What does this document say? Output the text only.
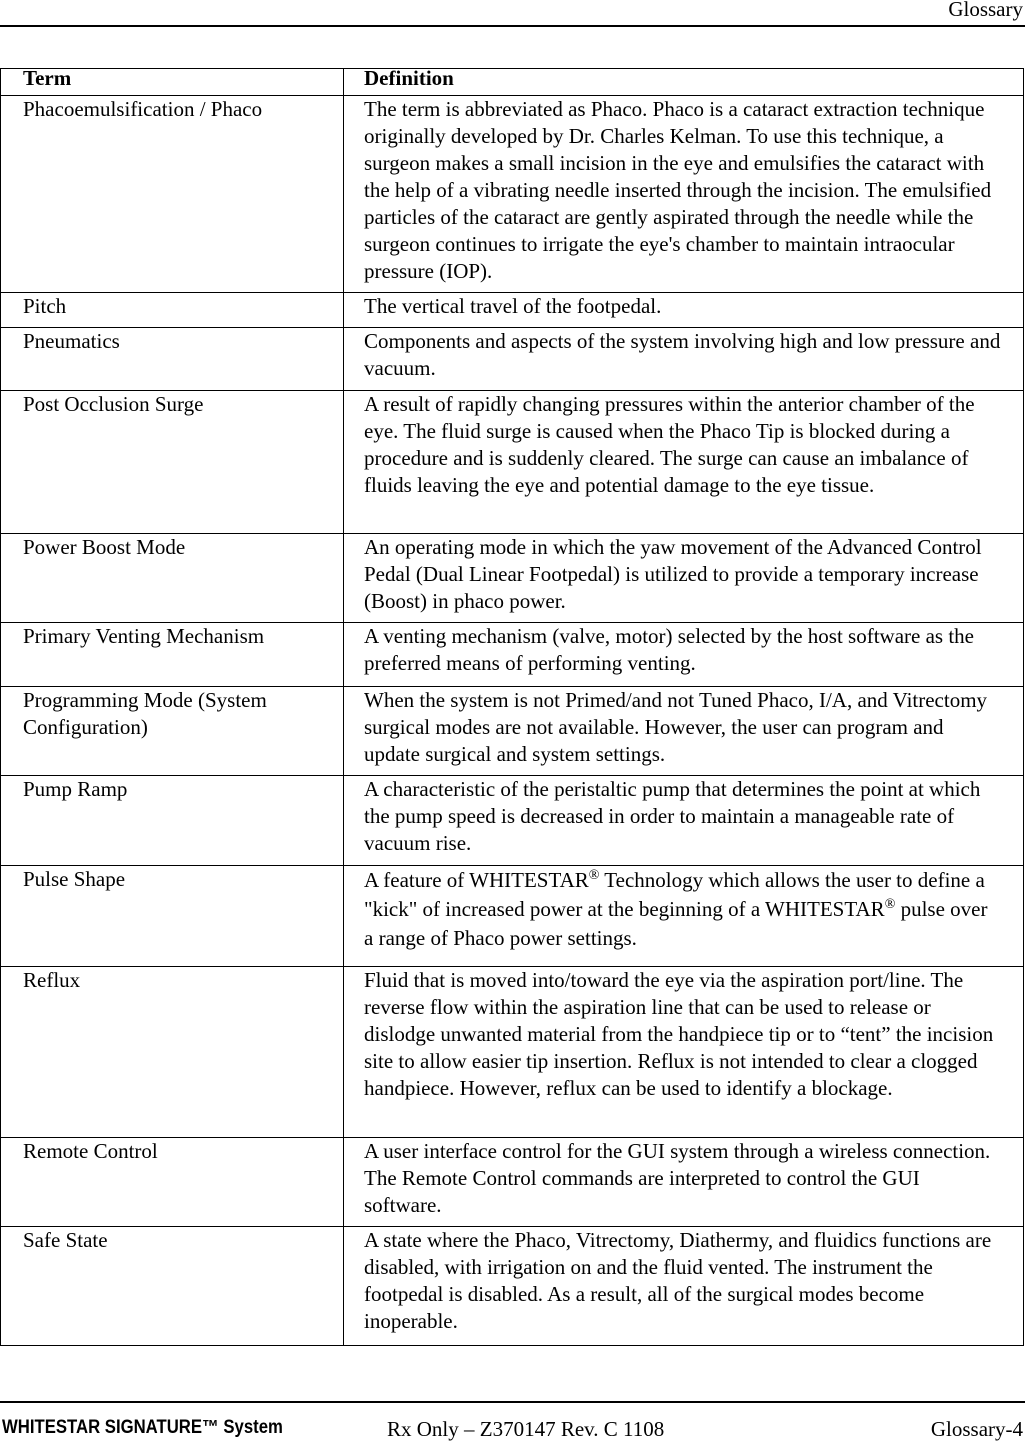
Glossary
Term	Definition
Phacoemulsification / Phaco	The term is abbreviated as Phaco. Phaco is a cataract extraction technique originally developed by Dr. Charles Kelman. To use this technique, a surgeon makes a small incision in the eye and emulsifies the cataract with the help of a vibrating needle inserted through the incision. The emulsified particles of the cataract are gently aspirated through the needle while the surgeon continues to irrigate the eye's chamber to maintain intraocular pressure (IOP).
Pitch	The vertical travel of the footpedal.
Pneumatics	Components and aspects of the system involving high and low pressure and vacuum.
Post Occlusion Surge	A result of rapidly changing pressures within the anterior chamber of the eye. The fluid surge is caused when the Phaco Tip is blocked during a procedure and is suddenly cleared. The surge can cause an imbalance of fluids leaving the eye and potential damage to the eye tissue.
Power Boost Mode	An operating mode in which the yaw movement of the Advanced Control Pedal (Dual Linear Footpedal) is utilized to provide a temporary increase (Boost) in phaco power.
Primary Venting Mechanism	A venting mechanism (valve, motor) selected by the host software as the preferred means of performing venting.
Programming Mode (System Configuration)	When the system is not Primed/and not Tuned Phaco, I/A, and Vitrectomy surgical modes are not available. However, the user can program and update surgical and system settings.
Pump Ramp	A characteristic of the peristaltic pump that determines the point at which the pump speed is decreased in order to maintain a manageable rate of vacuum rise.
Pulse Shape	A feature of WHITESTAR® Technology which allows the user to define a "kick" of increased power at the beginning of a WHITESTAR® pulse over a range of Phaco power settings.
Reflux	Fluid that is moved into/toward the eye via the aspiration port/line. The reverse flow within the aspiration line that can be used to release or dislodge unwanted material from the handpiece tip or to “tent” the incision site to allow easier tip insertion. Reflux is not intended to clear a clogged handpiece. However, reflux can be used to identify a blockage.
Remote Control	A user interface control for the GUI system through a wireless connection. The Remote Control commands are interpreted to control the GUI software.
Safe State	A state where the Phaco, Vitrectomy, Diathermy, and fluidics functions are disabled, with irrigation on and the fluid vented. The instrument the footpedal is disabled. As a result, all of the surgical modes become inoperable.
WHITESTAR SIGNATURE™ System	Rx Only – Z370147 Rev. C 1108	Glossary-4
